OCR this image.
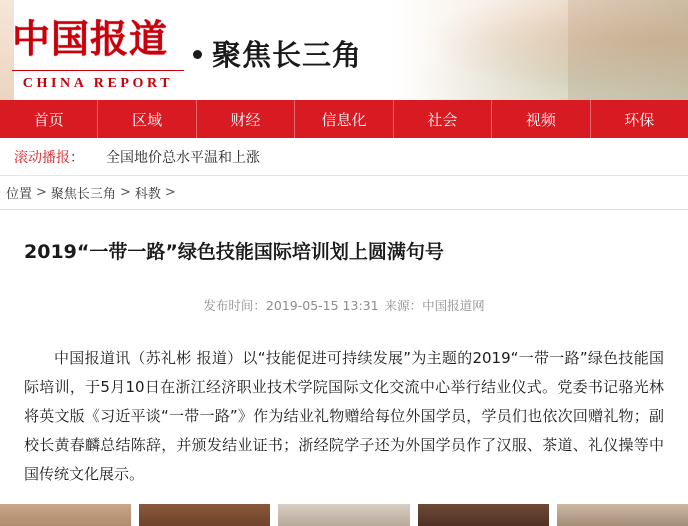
中国报道
CHINA REPORT
聚焦长三角
首页	区域	财经	信息化	社会	视频	环保
滚动播报 ： 全国地价总水平温和上涨
位置 > 聚焦长三角 > 科教 >
2019“一带一路”绿色技能国际培训划上圆满句号
发布时间：2019-05-15 13:31 来源：中国报道网
中国报道讯（苏礼彬 报道）以“技能促进可持续发展”为主题的2019“一带一路”绿色技能国际培训，于5月10日在浙江经济职业技术学院国际文化交流中心举行结业仪式。党委书记骆光林将英文版《习近平谈“一带一路”》作为结业礼物赠给每位外国学员，学员们也依次回赠礼物；副校长黄春麟总结陈辞，并颁发结业证书；浙经院学子还为外国学员作了汉服、茶道、礼仪操等中国传统文化展示。
